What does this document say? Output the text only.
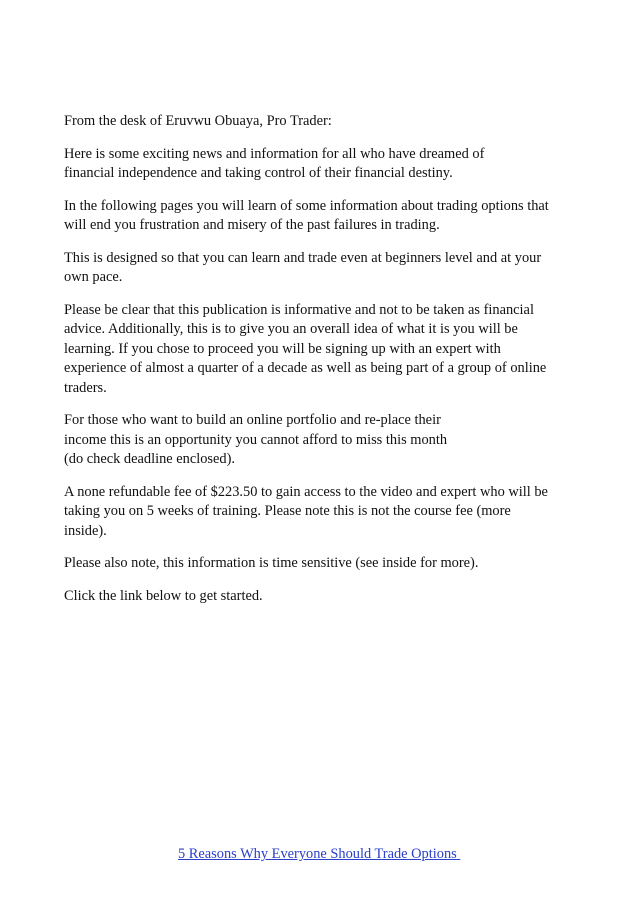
From the desk of Eruvwu Obuaya, Pro Trader:

Here is some exciting news and information for all who have dreamed of
financial independence and taking control of their financial destiny.

In the following pages you will learn of some information about trading options that
will end you frustration and misery of the past failures in trading.

This is designed so that you can learn and trade even at beginners level and at your
own pace.

Please be clear that this publication is informative and not to be taken as financial
advice. Additionally, this is to give you an overall idea of what it is you will be
learning. If you chose to proceed you will be signing up with an expert with
experience of almost a quarter of a decade as well as being part of a group of online
traders.

For those who want to build an online portfolio and re-place their
income this is an opportunity you cannot afford to miss this month
(do check deadline enclosed).

A none refundable fee of $223.50 to gain access to the video and expert who will be
taking you on 5 weeks of training. Please note this is not the course fee (more
inside).

Please also note, this information is time sensitive (see inside for more).

Click the link below to get started.

5 Reasons Why Everyone Should Trade Options
